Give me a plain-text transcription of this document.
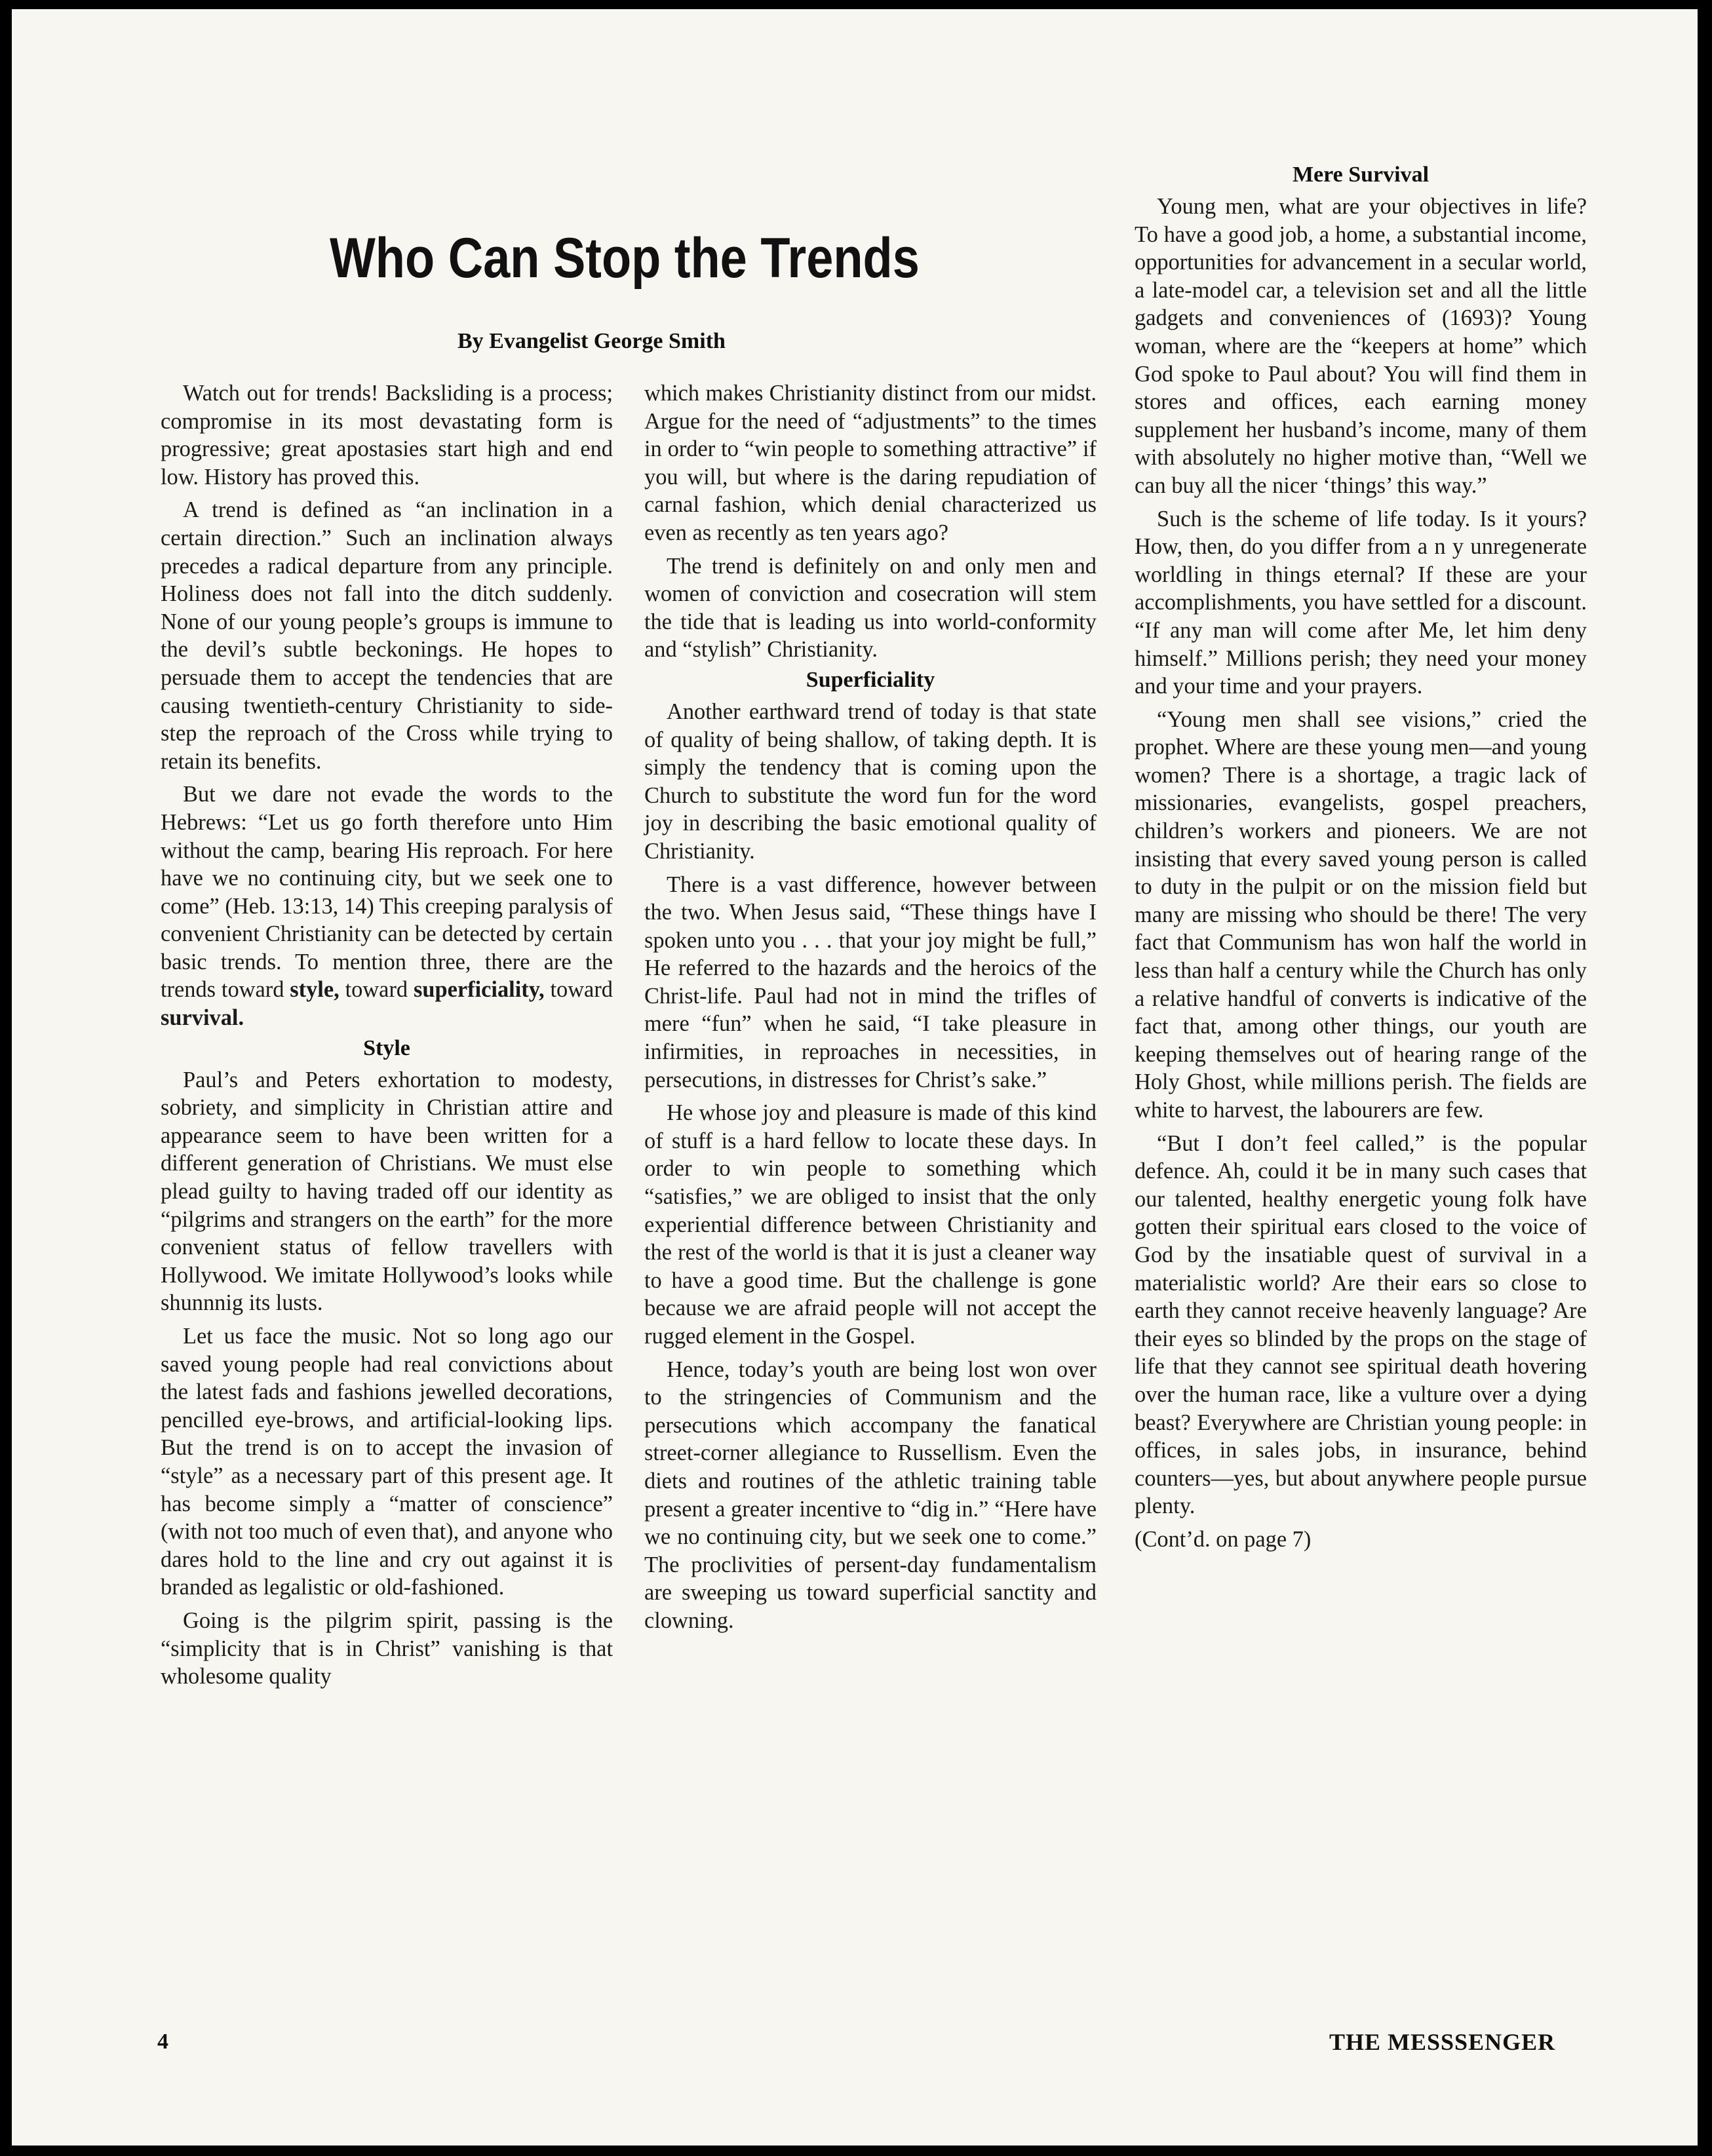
Who Can Stop the Trends
By Evangelist George Smith

Watch out for trends! Backsliding is a process; compromise in its most devastating form is progressive; great apostasies start high and end low. History has proved this.

A trend is defined as “an inclination in a certain direction.” Such an inclination always precedes a radical departure from any principle. Holiness does not fall into the ditch suddenly. None of our young people’s groups is immune to the devil’s subtle beckonings. He hopes to persuade them to accept the tendencies that are causing twentieth-century Christianity to side-step the reproach of the Cross while trying to retain its benefits.

But we dare not evade the words to the Hebrews: “Let us go forth therefore unto Him without the camp, bearing His reproach. For here have we no continuing city, but we seek one to come” (Heb. 13:13, 14) This creeping paralysis of convenient Christianity can be detected by certain basic trends. To mention three, there are the trends toward style, toward superficiality, toward survival.

Style

Paul’s and Peters exhortation to modesty, sobriety, and simplicity in Christian attire and appearance seem to have been written for a different generation of Christians. We must else plead guilty to having traded off our identity as “pilgrims and strangers on the earth” for the more convenient status of fellow travellers with Hollywood. We imitate Hollywood’s looks while shunnnig its lusts.

Let us face the music. Not so long ago our saved young people had real convictions about the latest fads and fashions jewelled decorations, pencilled eye-brows, and artificial-looking lips. But the trend is on to accept the invasion of “style” as a necessary part of this present age. It has become simply a “matter of conscience” (with not too much of even that), and anyone who dares hold to the line and cry out against it is branded as legalistic or old-fashioned.

Going is the pilgrim spirit, passing is the “simplicity that is in Christ” vanishing is that wholesome quality

which makes Christianity distinct from our midst. Argue for the need of “adjustments” to the times in order to “win people to something attractive” if you will, but where is the daring repudiation of carnal fashion, which denial characterized us even as recently as ten years ago?

The trend is definitely on and only men and women of conviction and cosecration will stem the tide that is leading us into world-conformity and “stylish” Christianity.

Superficiality

Another earthward trend of today is that state of quality of being shallow, of taking depth. It is simply the tendency that is coming upon the Church to substitute the word fun for the word joy in describing the basic emotional quality of Christianity.

There is a vast difference, however between the two. When Jesus said, “These things have I spoken unto you . . . that your joy might be full,” He referred to the hazards and the heroics of the Christ-life. Paul had not in mind the trifles of mere “fun” when he said, “I take pleasure in infirmities, in reproaches in necessities, in persecutions, in distresses for Christ’s sake.”

He whose joy and pleasure is made of this kind of stuff is a hard fellow to locate these days. In order to win people to something which “satisfies,” we are obliged to insist that the only experiential difference between Christianity and the rest of the world is that it is just a cleaner way to have a good time. But the challenge is gone because we are afraid people will not accept the rugged element in the Gospel.

Hence, today’s youth are being lost won over to the stringencies of Communism and the persecutions which accompany the fanatical street-corner allegiance to Russellism. Even the diets and routines of the athletic training table present a greater incentive to “dig in.” “Here have we no continuing city, but we seek one to come.” The proclivities of persent-day fundamentalism are sweeping us toward superficial sanctity and clowning.

Mere Survival

Young men, what are your objectives in life? To have a good job, a home, a substantial income, opportunities for advancement in a secular world, a late-model car, a television set and all the little gadgets and conveniences of (1693)? Young woman, where are the “keepers at home” which God spoke to Paul about? You will find them in stores and offices, each earning money supplement her husband’s income, many of them with absolutely no higher motive than, “Well we can buy all the nicer ‘things’ this way.”

Such is the scheme of life today. Is it yours? How, then, do you differ from a n y unregenerate worldling in things eternal? If these are your accomplishments, you have settled for a discount. “If any man will come after Me, let him deny himself.” Millions perish; they need your money and your time and your prayers.

“Young men shall see visions,” cried the prophet. Where are these young men—and young women? There is a shortage, a tragic lack of missionaries, evangelists, gospel preachers, children’s workers and pioneers. We are not insisting that every saved young person is called to duty in the pulpit or on the mission field but many are missing who should be there! The very fact that Communism has won half the world in less than half a century while the Church has only a relative handful of converts is indicative of the fact that, among other things, our youth are keeping themselves out of hearing range of the Holy Ghost, while millions perish. The fields are white to harvest, the labourers are few.

“But I don’t feel called,” is the popular defence. Ah, could it be in many such cases that our talented, healthy energetic young folk have gotten their spiritual ears closed to the voice of God by the insatiable quest of survival in a materialistic world? Are their ears so close to earth they cannot receive heavenly language? Are their eyes so blinded by the props on the stage of life that they cannot see spiritual death hovering over the human race, like a vulture over a dying beast? Everywhere are Christian young people: in offices, in sales jobs, in insurance, behind counters—yes, but about anywhere people pursue plenty.

(Cont’d. on page 7)

4	THE MESSSENGER
